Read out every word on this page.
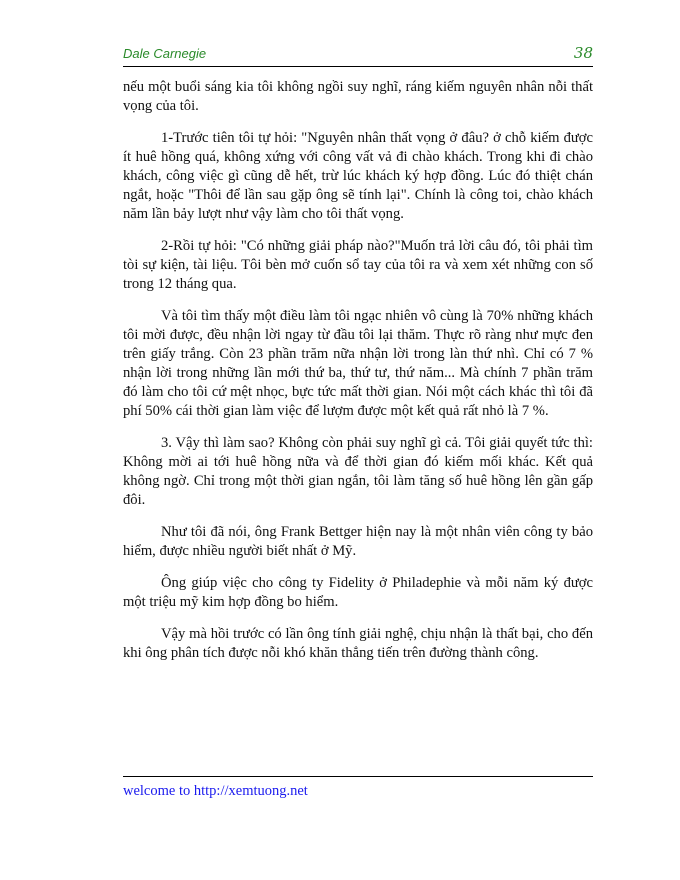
Dale Carnegie	38

nếu một buổi sáng kia tôi không ngồi suy nghĩ, ráng kiếm nguyên nhân nỗi thất vọng của tôi.

1-Trước tiên tôi tự hỏi: "Nguyên nhân thất vọng ở đâu? ở chỗ kiếm được ít huê hồng quá, không xứng với công vất vả đi chào khách. Trong khi đi chào khách, công việc gì cũng dễ hết, trừ lúc khách ký hợp đồng. Lúc đó thiệt chán ngắt, hoặc "Thôi để lần sau gặp ông sẽ tính lại". Chính là công toi, chào khách năm lần bảy lượt như vậy làm cho tôi thất vọng.

2-Rồi tự hỏi: "Có những giải pháp nào?"Muốn trả lời câu đó, tôi phải tìm tòi sự kiện, tài liệu. Tôi bèn mở cuốn sổ tay của tôi ra và xem xét những con số trong 12 tháng qua.

Và tôi tìm thấy một điều làm tôi ngạc nhiên vô cùng là 70% những khách tôi mời được, đều nhận lời ngay từ đầu tôi lại thăm. Thực rõ ràng như mực đen trên giấy trắng. Còn 23 phần trăm nữa nhận lời trong làn thứ nhì. Chỉ có 7 % nhận lời trong những lần mới thứ ba, thứ tư, thứ năm... Mà chính 7 phần trăm đó làm cho tôi cứ mệt nhọc, bực tức mất thời gian. Nói một cách khác thì tôi đã phí 50% cái thời gian làm việc để lượm được một kết quả rất nhỏ là 7 %.

3. Vậy thì làm sao? Không còn phải suy nghĩ gì cả. Tôi giải quyết tức thì: Không mời ai tới huê hồng nữa và để thời gian đó kiếm mối khác. Kết quả không ngờ. Chỉ trong một thời gian ngắn, tôi làm tăng số huê hồng lên gần gấp đôi.

Như tôi đã nói, ông Frank Bettger hiện nay là một nhân viên công ty bảo hiểm, được nhiều người biết nhất ở Mỹ.

Ông giúp việc cho công ty Fidelity ở Philadephie và mỗi năm ký được một triệu mỹ kim hợp đồng bo hiểm.

Vậy mà hồi trước có lần ông tính giải nghệ, chịu nhận là thất bại, cho đến khi ông phân tích được nỗi khó khăn thẳng tiến trên đường thành công.

welcome to http://xemtuong.net
